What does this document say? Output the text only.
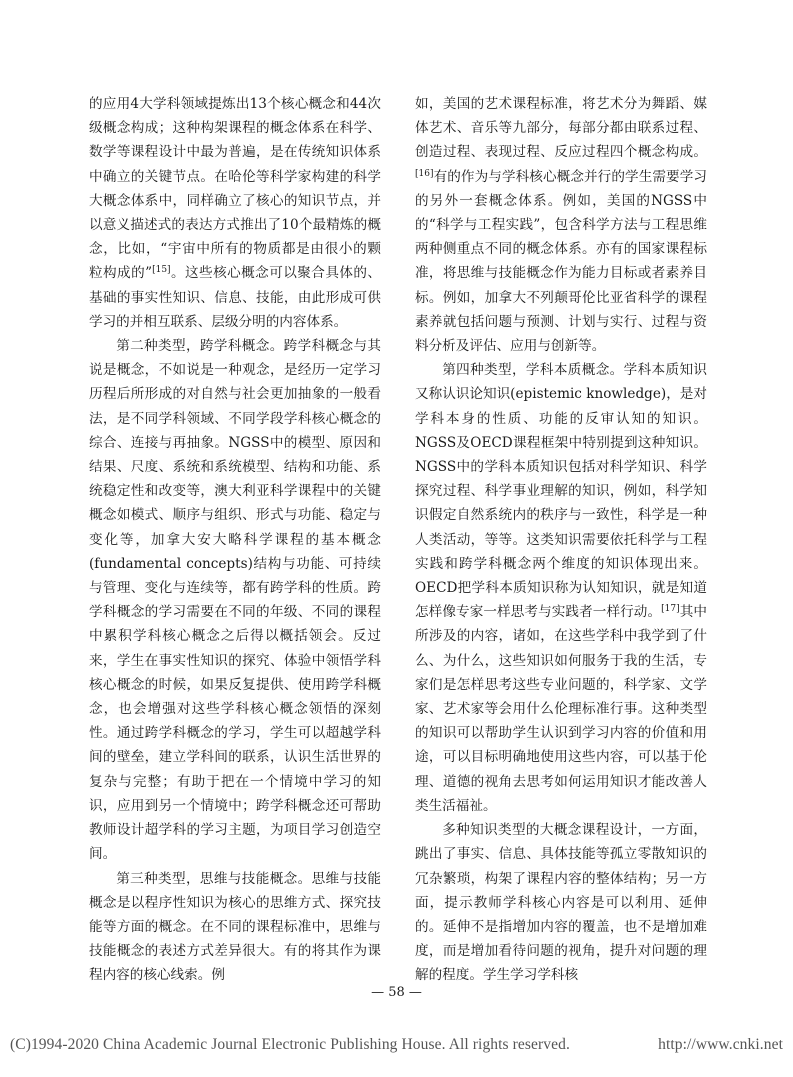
的应用4大学科领域提炼出13个核心概念和44次级概念构成；这种构架课程的概念体系在科学、数学等课程设计中最为普遍，是在传统知识体系中确立的关键节点。在哈伦等科学家构建的科学大概念体系中，同样确立了核心的知识节点，并以意义描述式的表达方式推出了10个最精炼的概念，比如，“宇宙中所有的物质都是由很小的颗粒构成的”[15]。这些核心概念可以聚合具体的、基础的事实性知识、信息、技能，由此形成可供学习的并相互联系、层级分明的内容体系。

第二种类型，跨学科概念。跨学科概念与其说是概念，不如说是一种观念，是经历一定学习历程后所形成的对自然与社会更加抽象的一般看法，是不同学科领域、不同学段学科核心概念的综合、连接与再抽象。NGSS中的模型、原因和结果、尺度、系统和系统模型、结构和功能、系统稳定性和改变等，澳大利亚科学课程中的关键概念如模式、顺序与组织、形式与功能、稳定与变化等，加拿大安大略科学课程的基本概念(fundamental concepts)结构与功能、可持续与管理、变化与连续等，都有跨学科的性质。跨学科概念的学习需要在不同的年级、不同的课程中累积学科核心概念之后得以概括领会。反过来，学生在事实性知识的探究、体验中领悟学科核心概念的时候，如果反复提供、使用跨学科概念，也会增强对这些学科核心概念领悟的深刻性。通过跨学科概念的学习，学生可以超越学科间的壁垒，建立学科间的联系，认识生活世界的复杂与完整；有助于把在一个情境中学习的知识，应用到另一个情境中；跨学科概念还可帮助教师设计超学科的学习主题，为项目学习创造空间。

第三种类型，思维与技能概念。思维与技能概念是以程序性知识为核心的思维方式、探究技能等方面的概念。在不同的课程标准中，思维与技能概念的表述方式差异很大。有的将其作为课程内容的核心线索。例

如，美国的艺术课程标准，将艺术分为舞蹈、媒体艺术、音乐等九部分，每部分都由联系过程、创造过程、表现过程、反应过程四个概念构成。[16]有的作为与学科核心概念并行的学生需要学习的另外一套概念体系。例如，美国的NGSS中的“科学与工程实践”，包含科学方法与工程思维两种侧重点不同的概念体系。亦有的国家课程标准，将思维与技能概念作为能力目标或者素养目标。例如，加拿大不列颠哥伦比亚省科学的课程素养就包括问题与预测、计划与实行、过程与资料分析及评估、应用与创新等。

第四种类型，学科本质概念。学科本质知识又称认识论知识(epistemic knowledge)，是对学科本身的性质、功能的反审认知的知识。NGSS及OECD课程框架中特别提到这种知识。NGSS中的学科本质知识包括对科学知识、科学探究过程、科学事业理解的知识，例如，科学知识假定自然系统内的秩序与一致性，科学是一种人类活动，等等。这类知识需要依托科学与工程实践和跨学科概念两个维度的知识体现出来。OECD把学科本质知识称为认知知识，就是知道怎样像专家一样思考与实践者一样行动。[17]其中所涉及的内容，诸如，在这些学科中我学到了什么、为什么，这些知识如何服务于我的生活，专家们是怎样思考这些专业问题的，科学家、文学家、艺术家等会用什么伦理标准行事。这种类型的知识可以帮助学生认识到学习内容的价值和用途，可以目标明确地使用这些内容，可以基于伦理、道德的视角去思考如何运用知识才能改善人类生活福祉。

多种知识类型的大概念课程设计，一方面，跳出了事实、信息、具体技能等孤立零散知识的冗杂繁琐，构架了课程内容的整体结构；另一方面，提示教师学科核心内容是可以利用、延伸的。延伸不是指增加内容的覆盖，也不是增加难度，而是增加看待问题的视角，提升对问题的理解的程度。学生学习学科核

— 58 —
(C)1994-2020 China Academic Journal Electronic Publishing House. All rights reserved.	http://www.cnki.net
